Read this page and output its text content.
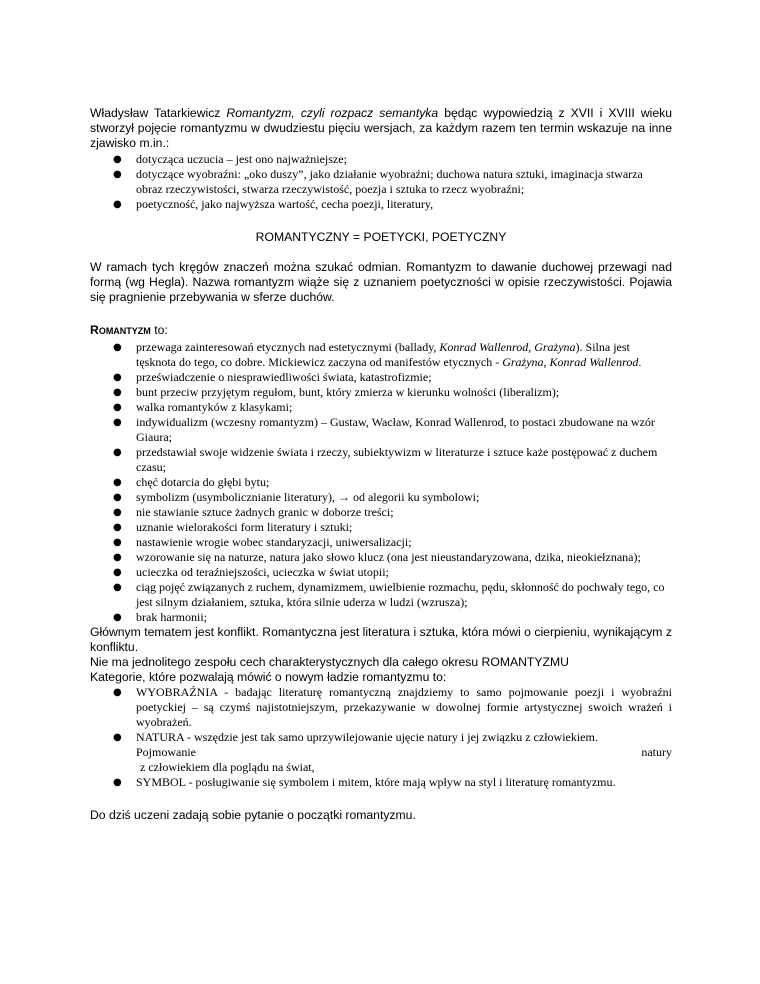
Władysław Tatarkiewicz Romantyzm, czyli rozpacz semantyka będąc wypowiedzią z XVII i XVIII wieku stworzył pojęcie romantyzmu w dwudziestu pięciu wersjach, za każdym razem ten termin wskazuje na inne zjawisko m.in.:

● dotycząca uczucia – jest ono najważniejsze;
● dotyczące wyobraźni: „oko duszy”, jako działanie wyobraźni; duchowa natura sztuki, imaginacja stwarza obraz rzeczywistości, stwarza rzeczywistość, poezja i sztuka to rzecz wyobraźni;
● poetyczność, jako najwyższa wartość, cecha poezji, literatury,

ROMANTYCZNY = POETYCKI, POETYCZNY

W ramach tych kręgów znaczeń można szukać odmian. Romantyzm to dawanie duchowej przewagi nad formą (wg Hegla). Nazwa romantyzm wiąże się z uznaniem poetyczności w opisie rzeczywistości. Pojawia się pragnienie przebywania w sferze duchów.

ROMANTYZM to:

● przewaga zainteresowań etycznych nad estetycznymi (ballady, Konrad Wallenrod, Grażyna). Silna jest tęsknota do tego, co dobre. Mickiewicz zaczyna od manifestów etycznych - Grażyna, Konrad Wallenrod.
● przeświadczenie o niesprawiedliwości świata, katastrofizmie;
● bunt przeciw przyjętym regułom, bunt, który zmierza w kierunku wolności (liberalizm);
● walka romantyków z klasykami;
● indywidualizm (wczesny romantyzm) – Gustaw, Wacław, Konrad Wallenrod, to postaci zbudowane na wzór Giaura;
● przedstawiał swoje widzenie świata i rzeczy, subiektywizm w literaturze i sztuce każe postępować z duchem czasu;
● chęć dotarcia do głębi bytu;
● symbolizm (usymbolicznianie literatury), → od alegorii ku symbolowi;
● nie stawianie sztuce żadnych granic w doborze treści;
● uznanie wielorakości form literatury i sztuki;
● nastawienie wrogie wobec standaryzacji, uniwersalizacji;
● wzorowanie się na naturze, natura jako słowo klucz (ona jest nieustandaryzowana, dzika, nieokiełznana);
● ucieczka od teraźniejszości, ucieczka w świat utopii;
● ciąg pojęć związanych z ruchem, dynamizmem, uwielbienie rozmachu, pędu, skłonność do pochwały tego, co jest silnym działaniem, sztuka, która silnie uderza w ludzi (wzrusza);
● brak harmonii;

Głównym tematem jest konflikt. Romantyczna jest literatura i sztuka, która mówi o cierpieniu, wynikającym z konfliktu.

Nie ma jednolitego zespołu cech charakterystycznych dla całego okresu ROMANTYZMU

Kategorie, które pozwalają mówić o nowym ładzie romantyzmu to:

● WYOBRAŹNIA - badając literaturę romantyczną znajdziemy to samo pojmowanie poezji i wyobraźni poetyckiej – są czymś najistotniejszym, przekazywanie w dowolnej formie artystycznej swoich wrażeń i wyobrażeń.
● NATURA - wszędzie jest tak samo uprzywilejowanie ujęcie natury i jej związku z człowiekiem.
Pojmowanie	natury
z człowiekiem dla poglądu na świat,
● SYMBOL - posługiwanie się symbolem i mitem, które mają wpływ na styl i literaturę romantyzmu.

Do dziś uczeni zadają sobie pytanie o początki romantyzmu.
